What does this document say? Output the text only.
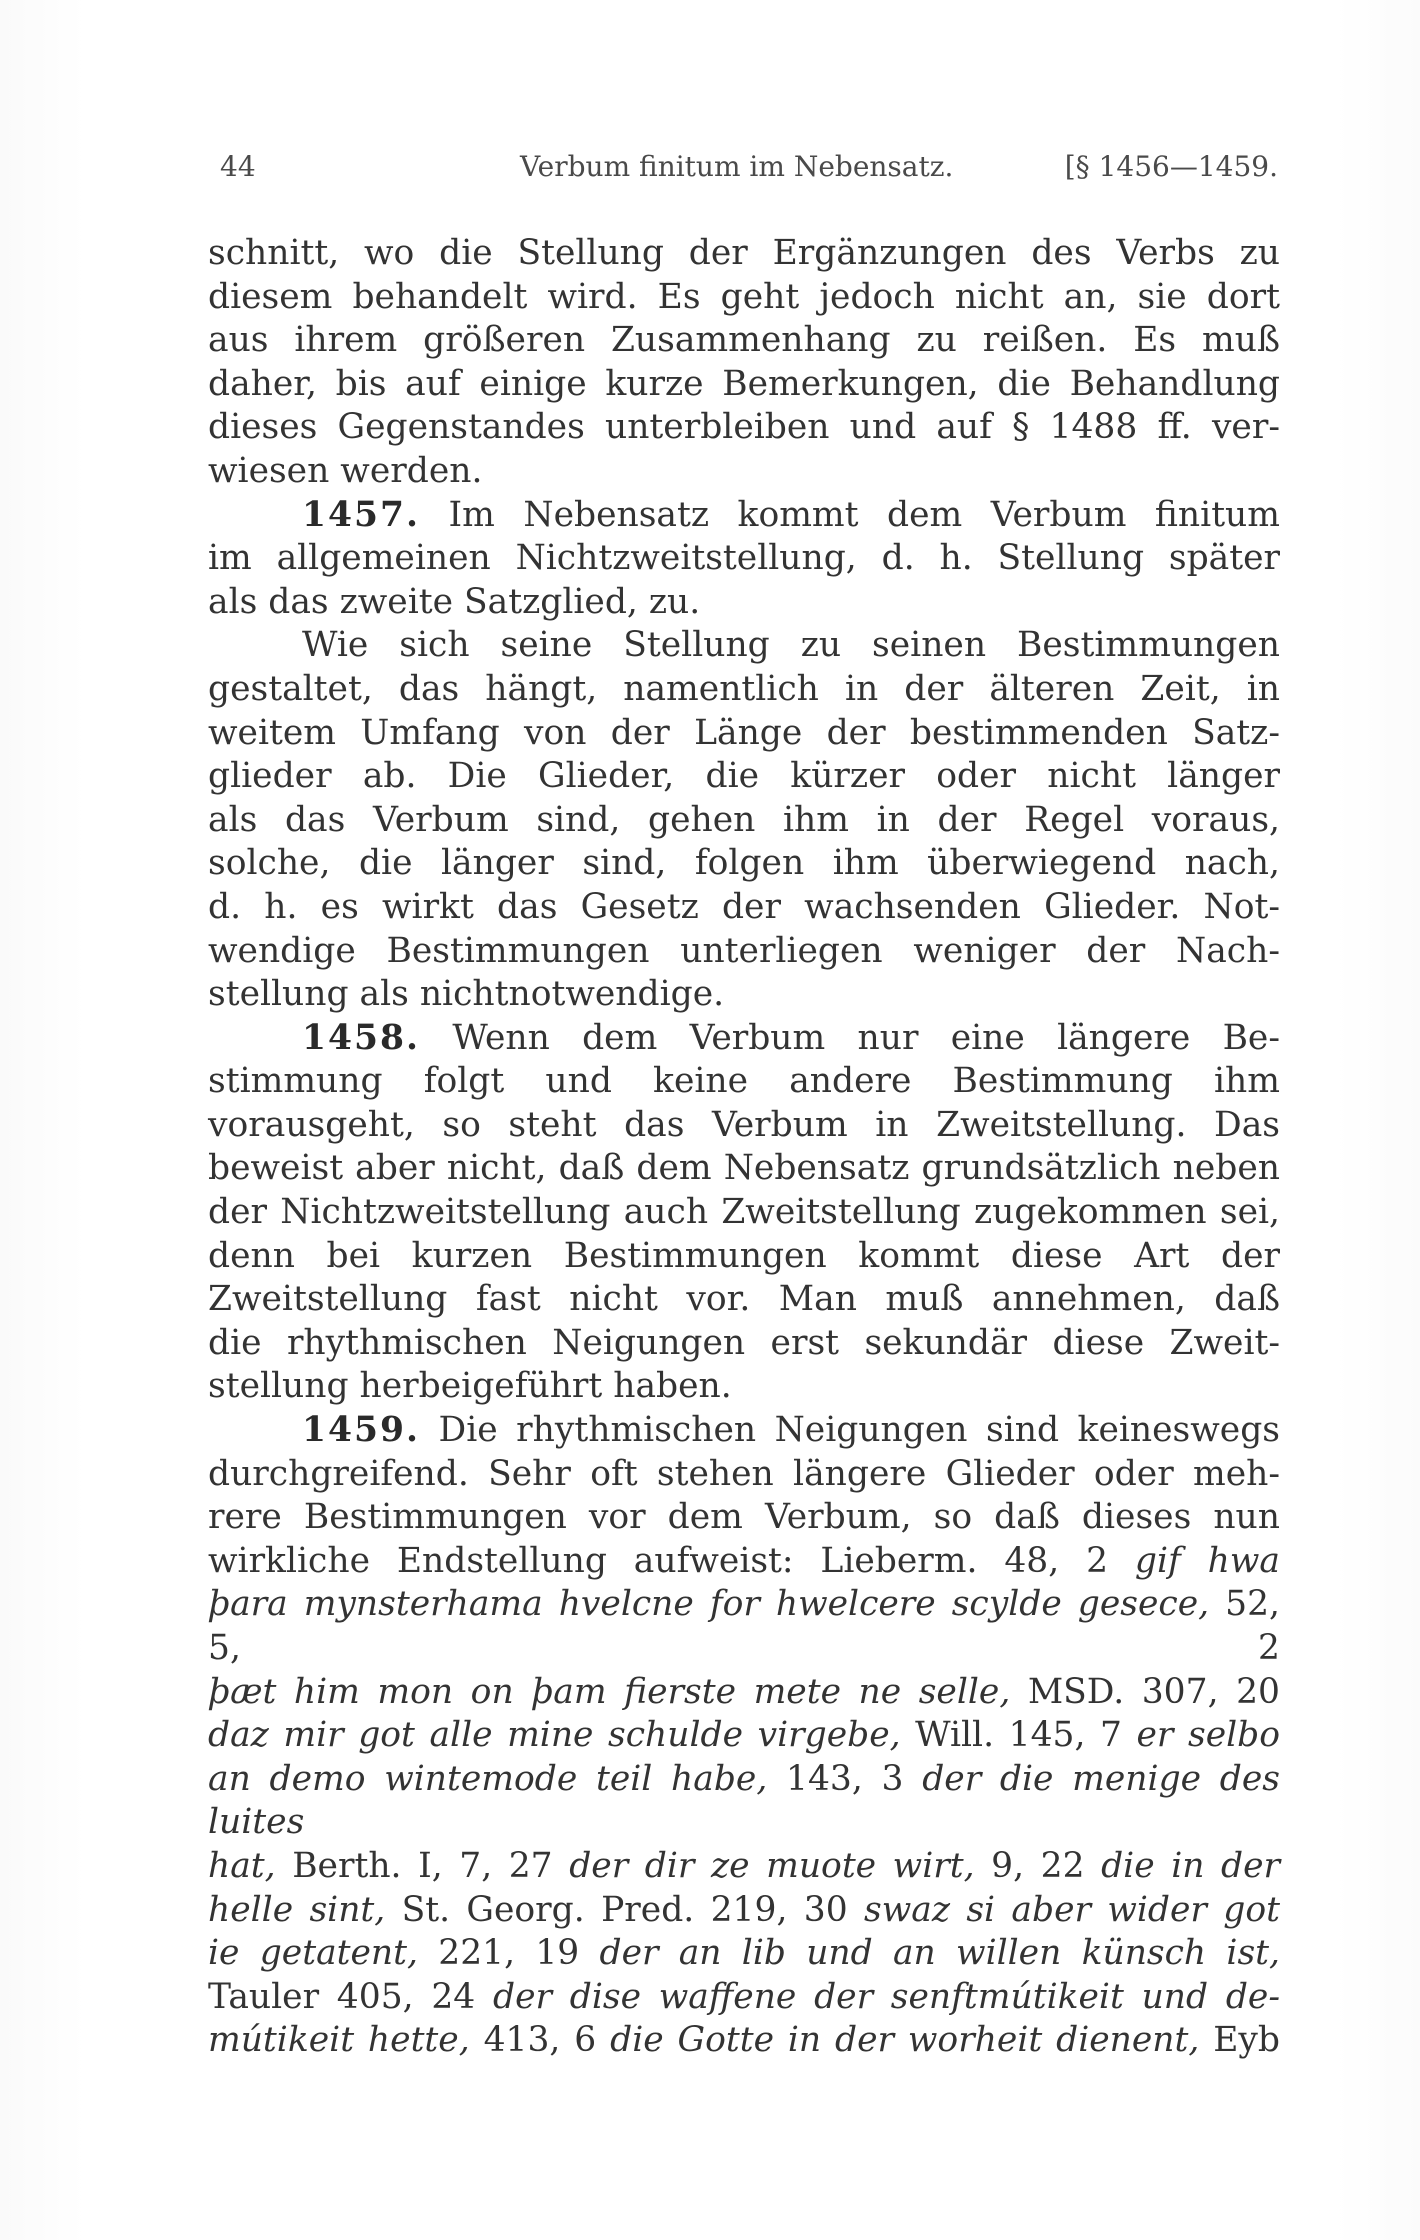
44	Verbum finitum im Nebensatz.	[§ 1456—1459.

schnitt, wo die Stellung der Ergänzungen des Verbs zu

diesem behandelt wird. Es geht jedoch nicht an, sie dort

aus ihrem größeren Zusammenhang zu reißen. Es muß

daher, bis auf einige kurze Bemerkungen, die Behandlung

dieses Gegenstandes unterbleiben und auf § 1488 ff. ver-

wiesen werden.

1457. Im Nebensatz kommt dem Verbum finitum

im allgemeinen Nichtzweitstellung, d. h. Stellung später

als das zweite Satzglied, zu.

Wie sich seine Stellung zu seinen Bestimmungen

gestaltet, das hängt, namentlich in der älteren Zeit, in

weitem Umfang von der Länge der bestimmenden Satz-

glieder ab. Die Glieder, die kürzer oder nicht länger

als das Verbum sind, gehen ihm in der Regel voraus,

solche, die länger sind, folgen ihm überwiegend nach,

d. h. es wirkt das Gesetz der wachsenden Glieder. Not-

wendige Bestimmungen unterliegen weniger der Nach-

stellung als nichtnotwendige.

1458. Wenn dem Verbum nur eine längere Be-

stimmung folgt und keine andere Bestimmung ihm

vorausgeht, so steht das Verbum in Zweitstellung. Das

beweist aber nicht, daß dem Nebensatz grundsätzlich neben

der Nichtzweitstellung auch Zweitstellung zugekommen sei,

denn bei kurzen Bestimmungen kommt diese Art der

Zweitstellung fast nicht vor. Man muß annehmen, daß

die rhythmischen Neigungen erst sekundär diese Zweit-

stellung herbeigeführt haben.

1459. Die rhythmischen Neigungen sind keineswegs

durchgreifend. Sehr oft stehen längere Glieder oder meh-

rere Bestimmungen vor dem Verbum, so daß dieses nun

wirkliche Endstellung aufweist: Lieberm. 48, 2 gif hwa

þara mynsterhama hvelcne for hwelcere scylde gesece, 52, 5, 2

þæt him mon on þam fierste mete ne selle, MSD. 307, 20

daz mir got alle mine schulde virgebe, Will. 145, 7 er selbo

an demo wintemode teil habe, 143, 3 der die menige des luites

hat, Berth. I, 7, 27 der dir ze muote wirt, 9, 22 die in der

helle sint, St. Georg. Pred. 219, 30 swaz si aber wider got

ie getatent, 221, 19 der an lib und an willen künsch ist,

Tauler 405, 24 der dise waffene der senftmútikeit und de-

mútikeit hette, 413, 6 die Gotte in der worheit dienent, Eyb
